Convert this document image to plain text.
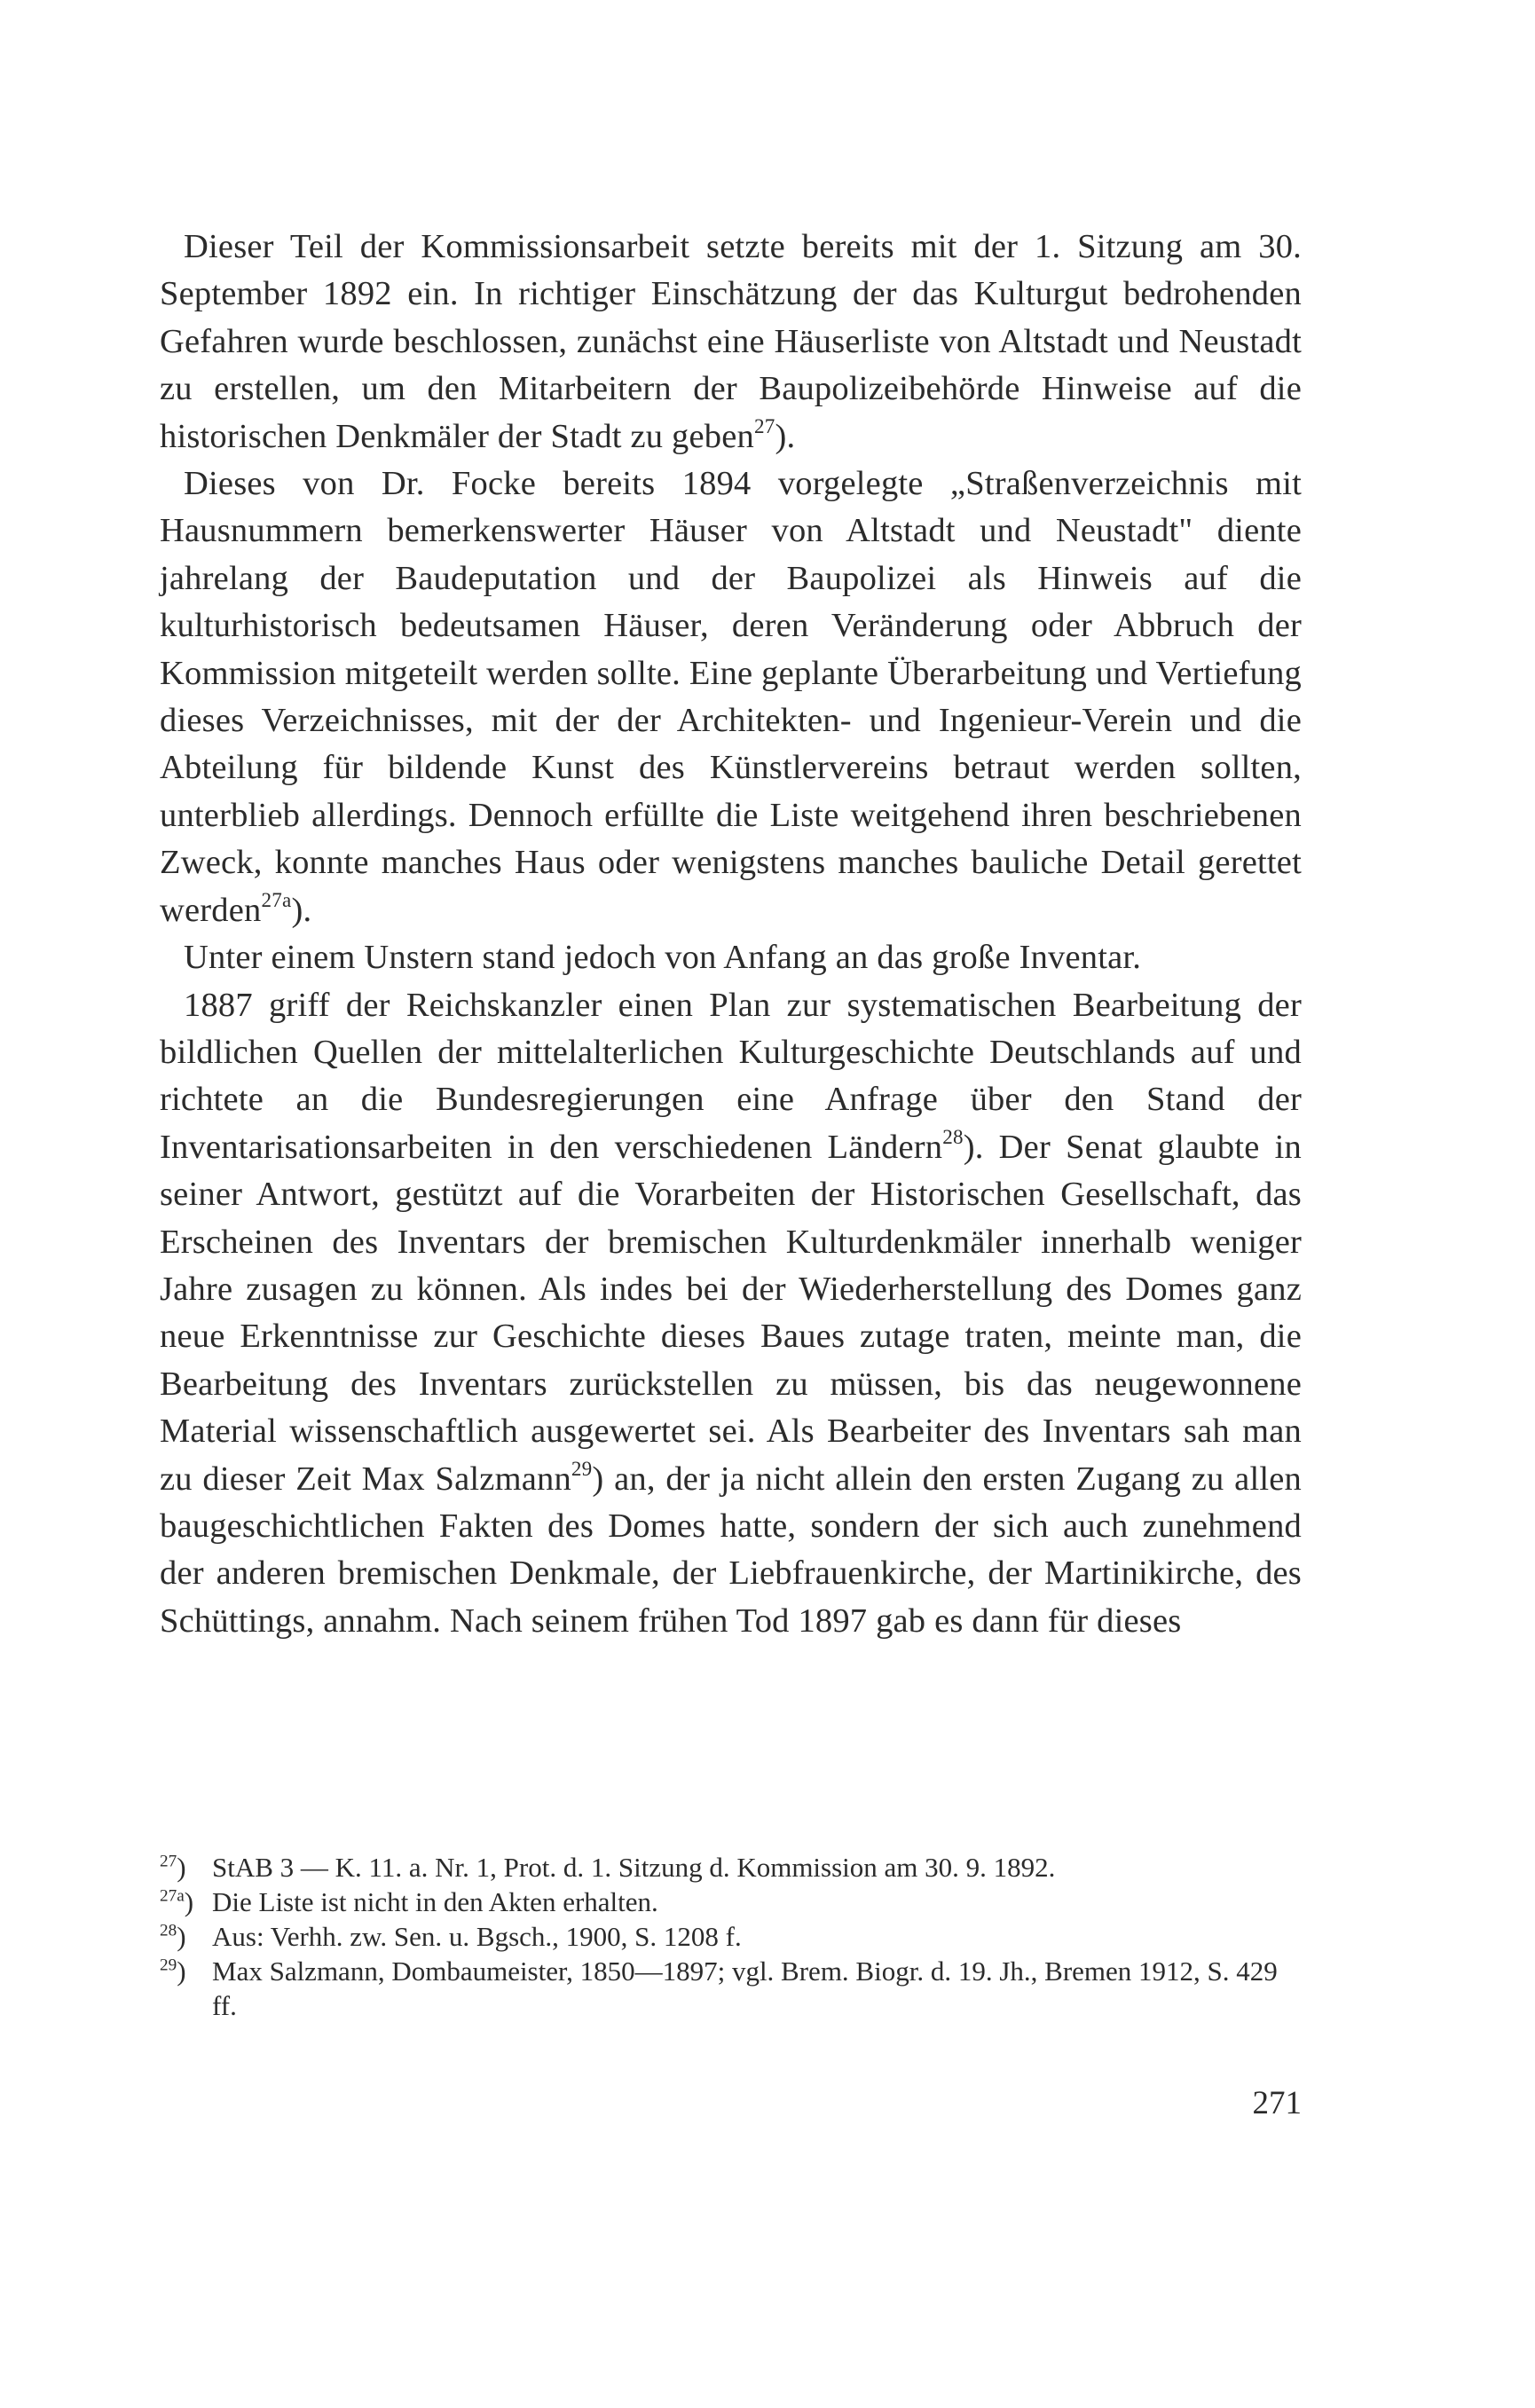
Dieser Teil der Kommissionsarbeit setzte bereits mit der 1. Sitzung am 30. September 1892 ein. In richtiger Einschätzung der das Kulturgut bedrohenden Gefahren wurde beschlossen, zunächst eine Häuserliste von Altstadt und Neustadt zu erstellen, um den Mitarbeitern der Baupolizeibehörde Hinweise auf die historischen Denkmäler der Stadt zu geben$^{27}$).

Dieses von Dr. Focke bereits 1894 vorgelegte „Straßenverzeichnis mit Hausnummern bemerkenswerter Häuser von Altstadt und Neustadt" diente jahrelang der Baudeputation und der Baupolizei als Hinweis auf die kulturhistorisch bedeutsamen Häuser, deren Veränderung oder Abbruch der Kommission mitgeteilt werden sollte. Eine geplante Überarbeitung und Vertiefung dieses Verzeichnisses, mit der der Architekten- und Ingenieur-Verein und die Abteilung für bildende Kunst des Künstlervereins betraut werden sollten, unterblieb allerdings. Dennoch erfüllte die Liste weitgehend ihren beschriebenen Zweck, konnte manches Haus oder wenigstens manches bauliche Detail gerettet werden$^{27a}$).

Unter einem Unstern stand jedoch von Anfang an das große Inventar.

1887 griff der Reichskanzler einen Plan zur systematischen Bearbeitung der bildlichen Quellen der mittelalterlichen Kulturgeschichte Deutschlands auf und richtete an die Bundesregierungen eine Anfrage über den Stand der Inventarisationsarbeiten in den verschiedenen Ländern$^{28}$). Der Senat glaubte in seiner Antwort, gestützt auf die Vorarbeiten der Historischen Gesellschaft, das Erscheinen des Inventars der bremischen Kulturdenkmäler innerhalb weniger Jahre zusagen zu können. Als indes bei der Wiederherstellung des Domes ganz neue Erkenntnisse zur Geschichte dieses Baues zutage traten, meinte man, die Bearbeitung des Inventars zurückstellen zu müssen, bis das neugewonnene Material wissenschaftlich ausgewertet sei. Als Bearbeiter des Inventars sah man zu dieser Zeit Max Salzmann$^{29}$) an, der ja nicht allein den ersten Zugang zu allen baugeschichtlichen Fakten des Domes hatte, sondern der sich auch zunehmend der anderen bremischen Denkmale, der Liebfrauenkirche, der Martinikirche, des Schüttings, annahm. Nach seinem frühen Tod 1897 gab es dann für dieses

$^{27}$) StAB 3 — K. 11. a. Nr. 1, Prot. d. 1. Sitzung d. Kommission am 30. 9. 1892.

$^{27a}$) Die Liste ist nicht in den Akten erhalten.

$^{28}$) Aus: Verhh. zw. Sen. u. Bgsch., 1900, S. 1208 f.

$^{29}$) Max Salzmann, Dombaumeister, 1850—1897; vgl. Brem. Biogr. d. 19. Jh., Bremen 1912, S. 429 ff.

271
